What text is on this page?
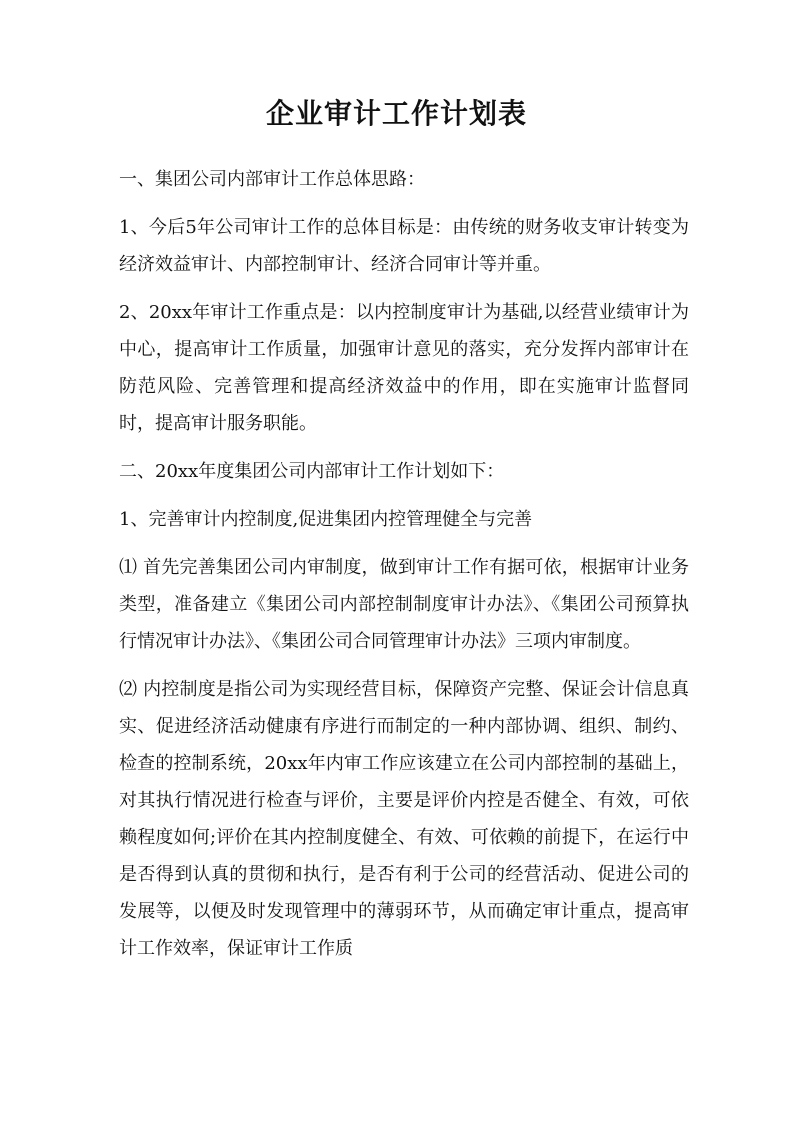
企业审计工作计划表

一、集团公司内部审计工作总体思路：

1、今后5年公司审计工作的总体目标是：由传统的财务收支审计转变为经济效益审计、内部控制审计、经济合同审计等并重。

2、20xx年审计工作重点是：以内控制度审计为基础,以经营业绩审计为中心，提高审计工作质量，加强审计意见的落实，充分发挥内部审计在防范风险、完善管理和提高经济效益中的作用，即在实施审计监督同时，提高审计服务职能。

二、20xx年度集团公司内部审计工作计划如下：

1、完善审计内控制度,促进集团内控管理健全与完善

⑴ 首先完善集团公司内审制度，做到审计工作有据可依，根据审计业务类型，准备建立《集团公司内部控制制度审计办法》、《集团公司预算执行情况审计办法》、《集团公司合同管理审计办法》三项内审制度。

⑵ 内控制度是指公司为实现经营目标，保障资产完整、保证会计信息真实、促进经济活动健康有序进行而制定的一种内部协调、组织、制约、检查的控制系统，20xx年内审工作应该建立在公司内部控制的基础上，对其执行情况进行检查与评价，主要是评价内控是否健全、有效，可依赖程度如何;评价在其内控制度健全、有效、可依赖的前提下，在运行中是否得到认真的贯彻和执行，是否有利于公司的经营活动、促进公司的发展等，以便及时发现管理中的薄弱环节，从而确定审计重点，提高审计工作效率，保证审计工作质
